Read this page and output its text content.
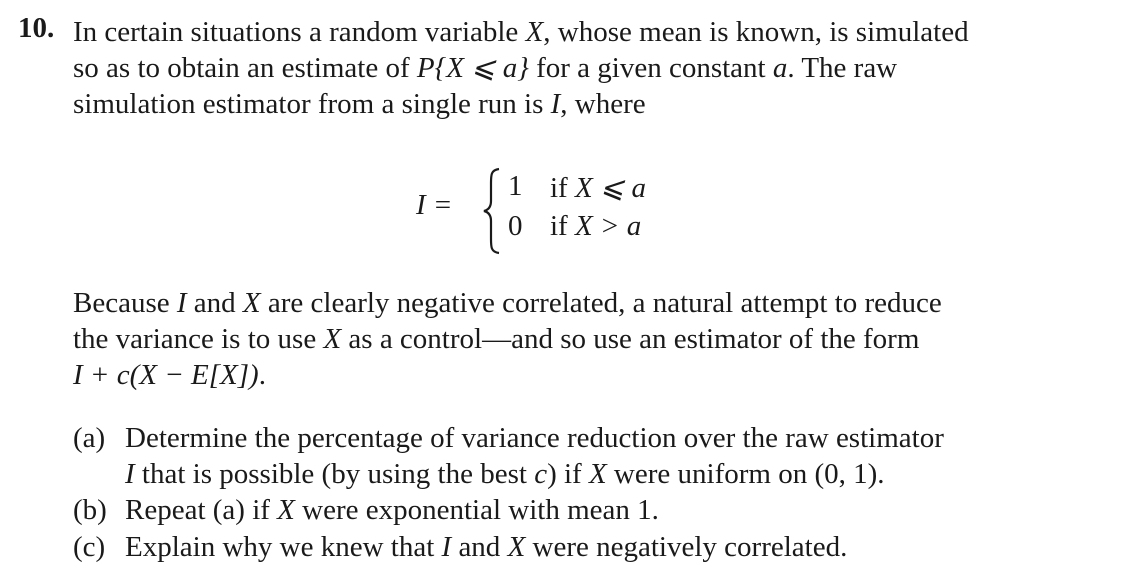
10. In certain situations a random variable X, whose mean is known, is simulated
so as to obtain an estimate of P{X ⩽ a} for a given constant a. The raw
simulation estimator from a single run is I, where
I =
1 if X ⩽ a
0 if X > a
Because I and X are clearly negative correlated, a natural attempt to reduce
the variance is to use X as a control—and so use an estimator of the form
I + c(X − E[X]).
(a) Determine the percentage of variance reduction over the raw estimator
I that is possible (by using the best c) if X were uniform on (0, 1).
(b) Repeat (a) if X were exponential with mean 1.
(c) Explain why we knew that I and X were negatively correlated.
